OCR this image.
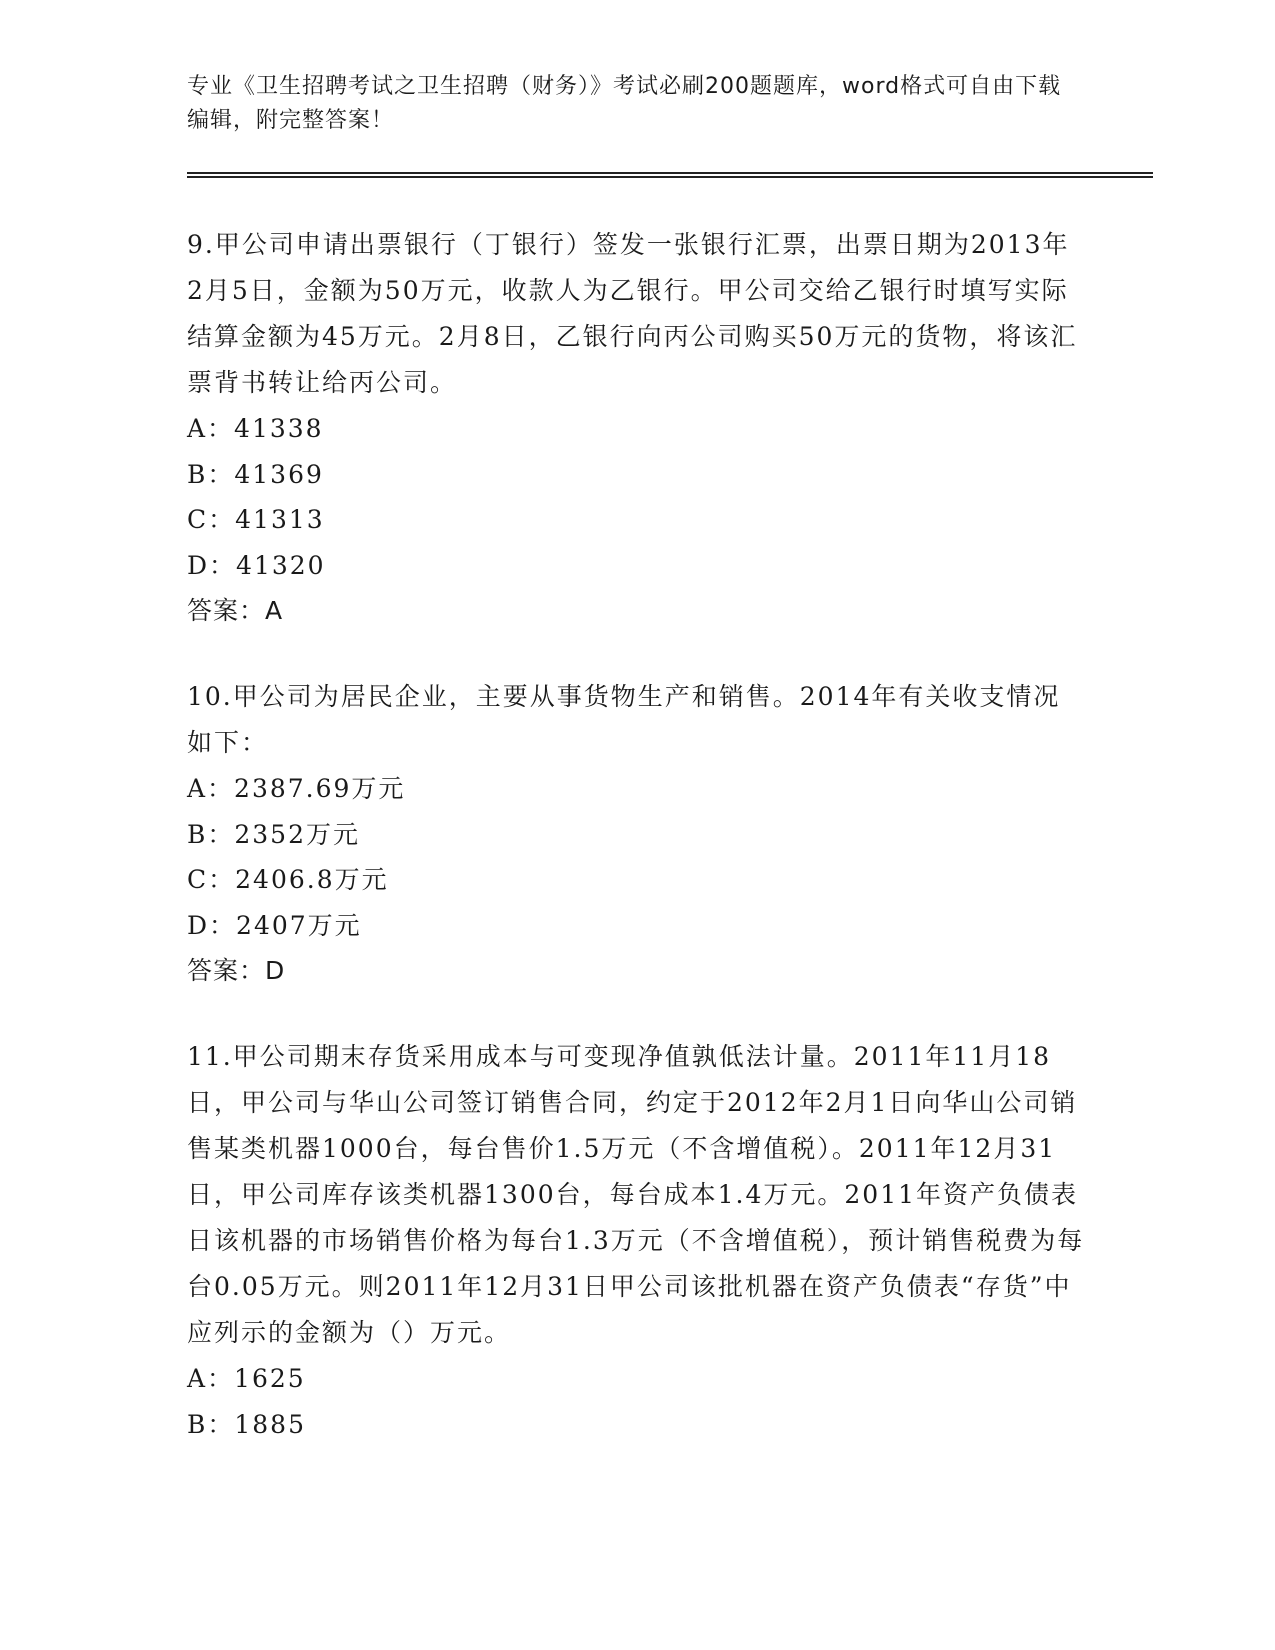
专业《卫生招聘考试之卫生招聘（财务）》考试必刷200题题库，word格式可自由下载编辑，附完整答案！

9.甲公司申请出票银行（丁银行）签发一张银行汇票，出票日期为2013年2月5日，金额为50万元，收款人为乙银行。甲公司交给乙银行时填写实际结算金额为45万元。2月8日，乙银行向丙公司购买50万元的货物，将该汇票背书转让给丙公司。

A：41338

B：41369

C：41313

D：41320

答案：A

10.甲公司为居民企业，主要从事货物生产和销售。2014年有关收支情况如下：

A：2387.69万元

B：2352万元

C：2406.8万元

D：2407万元

答案：D

11.甲公司期末存货采用成本与可变现净值孰低法计量。2011年11月18日，甲公司与华山公司签订销售合同，约定于2012年2月1日向华山公司销售某类机器1000台，每台售价1.5万元（不含增值税）。2011年12月31日，甲公司库存该类机器1300台，每台成本1.4万元。2011年资产负债表日该机器的市场销售价格为每台1.3万元（不含增值税），预计销售税费为每台0.05万元。则2011年12月31日甲公司该批机器在资产负债表“存货”中应列示的金额为（）万元。

A：1625

B：1885
